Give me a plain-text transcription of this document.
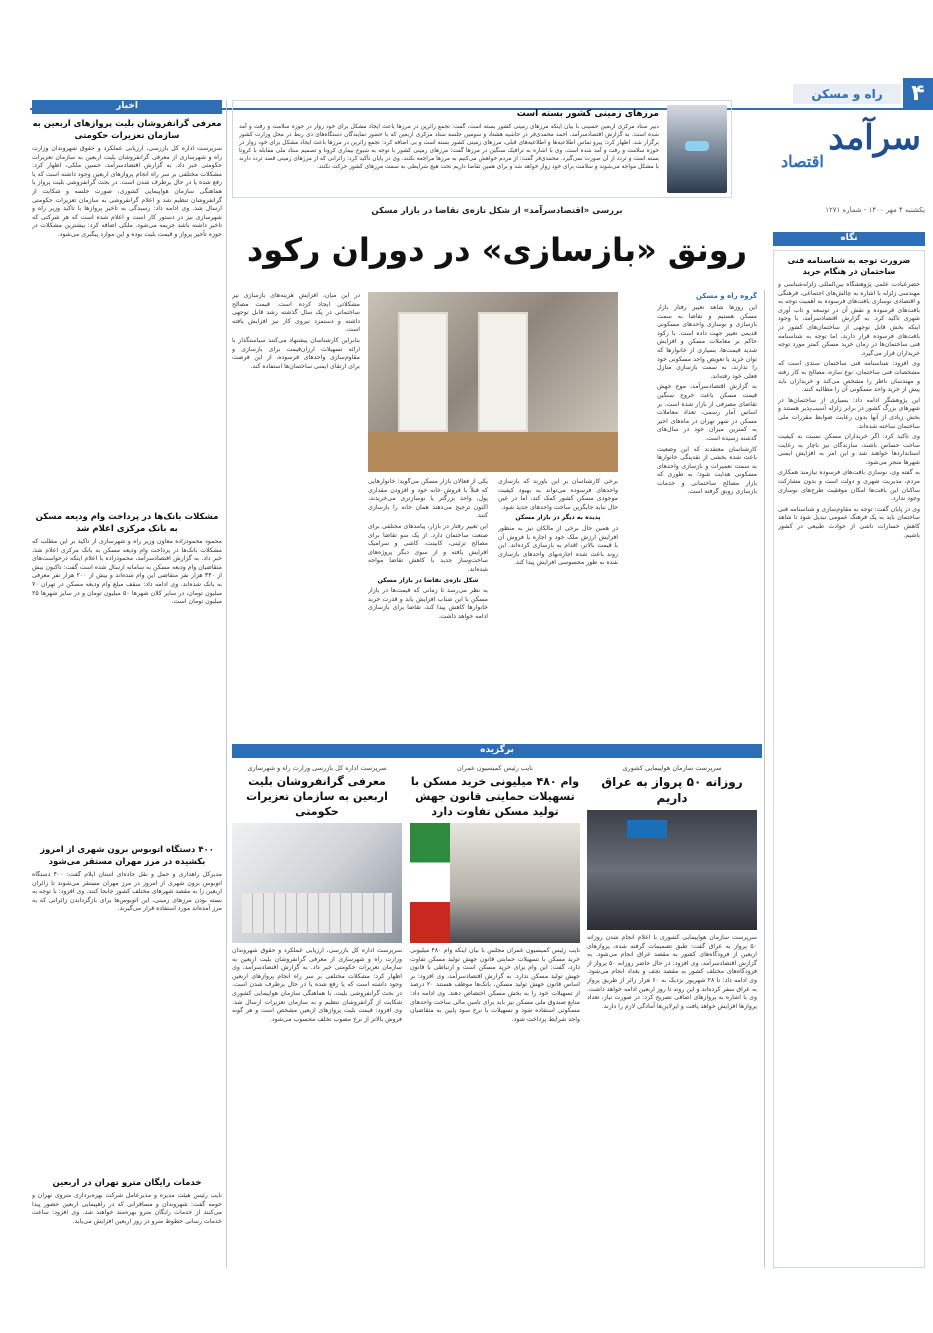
۴
راه و مسکن
سرآمد
اقتصاد
یکشنبه ۴ مهر ۱۴۰۰ - شماره ۱۲۷۱
مرزهای زمینی کشور بسته است
دبیر ستاد مرکزی اربعین حسینی با بیان اینکه مرزهای زمینی کشور بسته است، گفت: تجمع زائرین در مرزها باعث ایجاد مشکل برای خود زوار در حوزه سلامت و رفت و آمد شده است. به گزارش اقتصادسرآمد، احمد محمدی‌فر در حاشیه هشتاد و سومین جلسه ستاد مرکزی اربعین که با حضور نمایندگان دستگاه‌های ذی ربط در محل وزارت کشور برگزار شد، اظهار کرد: پیرو تماس اطلاعیه‌ها و اطلاعیه‌های قبلی، مرزهای زمینی کشور بسته است و بی اضافه کرد: تجمع زائرین در مرزها باعث ایجاد مشکل برای خود زوار در حوزه سلامت و رفت و آمد شده است. وی با اشاره به ترافیک سنگین در مرزها گفت: مرزهای زمینی کشور با توجه به شیوع بیماری کرونا و تصمیم ستاد ملی مقابله با کرونا بسته است و تردد از آن صورت نمی‌گیرد. محمدی‌فر گفت: از مردم خواهش می‌کنیم به مرزها مراجعه نکنند. وی در پایان تأکید کرد: زائرانی که از مرزهای زمینی قصد تردد دارند با مشکل مواجه می‌شوند و سلامت برای خود زوار خواهد شد و برای همین تقاضا داریم تحت هیچ شرایطی به سمت مرزهای کشور حرکت نکنند.
اخبار
معرفی گرانفروشان بلیت پروازهای اربعین به سازمان تعزیرات حکومتی
سرپرست اداره کل بازرسی، ارزیابی عملکرد و حقوق شهروندان وزارت راه و شهرسازی از معرفی گرانفروشان بلیت اربعین به سازمان تعزیرات حکومتی خبر داد. به گزارش اقتصادسرآمد، حسین ملکی، اظهار کرد: مشکلات مختلفی بر سر راه انجام پروازهای اربعین وجود داشته است که یا رفع شده یا در حال برطرف شدن است. در بحث گرانفروشی بلیت پرواز با هماهنگی سازمان هواپیمایی کشوری، صورت جلسه و شکایت از گرانفروشان تنظیم شد و اعلام گرانفروشی به سازمان تعزیرات حکومتی ارسال شد. وی ادامه داد: رسیدگی به تاخیر پروازها با تاکید وزیر راه و شهرسازی نیز در دستور کار است و اعلام شده است که هر شرکتی که تاخیر داشته باشد جریمه می‌شود. ملکی اضافه کرد: بیشترین مشکلات در حوزه تأخیر پرواز و قیمت بلیت بوده و این موارد پیگیری می‌شود.
مشکلات بانک‌ها در پرداخت وام ودیعه مسکن به بانک مرکزی اعلام شد
محمود محمودزاده معاون وزیر راه و شهرسازی از تاکید بر این مطلب که مشکلات بانک‌ها در پرداخت وام ودیعه مسکن به بانک مرکزی اعلام شد، خبر داد. به گزارش اقتصادسرآمد، محمودزاده با اعلام اینکه درخواست‌های متقاضیان وام ودیعه مسکن به سامانه ارسال شده است گفت: تاکنون بیش از ۳۴۰ هزار نفر متقاضی این وام شده‌اند و بیش از ۲۰۰ هزار نفر معرفی به بانک شده‌اند. وی ادامه داد: سقف مبلغ وام ودیعه مسکن در تهران ۷۰ میلیون تومان، در سایر کلان شهرها ۵۰ میلیون تومان و در سایر شهرها ۲۵ میلیون تومان است.
۴۰۰ دستگاه اتوبوس برون شهری از امروز بکشیده در مرز مهران مستقر می‌شود
مدیرکل راهداری و حمل و نقل جاده‌ای استان ایلام گفت: ۴۰۰ دستگاه اتوبوس برون شهری از امروز در مرز مهران مستقر می‌شوند تا زائران اربعین را به مقصد شهرهای مختلف کشور جابجا کنند. وی افزود: با توجه به بسته بودن مرزهای زمینی، این اتوبوس‌ها برای بازگرداندن زائرانی که به مرز آمده‌اند مورد استفاده قرار می‌گیرند.
خدمات رایگان مترو تهران در اربعین
نایب رئیس هیئت مدیره و مدیرعامل شرکت بهره‌برداری متروی تهران و حومه گفت: شهروندان و مسافرانی که در راهپیمایی اربعین حضور پیدا می‌کنند از خدمات رایگان مترو بهره‌مند خواهند شد. وی افزود: ساعت خدمات رسانی خطوط مترو در روز اربعین افزایش می‌یابد.
نگاه
ضرورت توجه به شناسنامه فنی ساختمان در هنگام خرید

حضرعبادت علمی پژوهشگاه بین‌المللی زلزله‌شناسی و مهندسی زلزله با اشاره به چالش‌های اجتماعی، فرهنگی و اقتصادی نوسازی بافت‌های فرسوده به اهمیت توجه به بافت‌های فرسوده و نقش آن در توسعه و تاب آوری شهری تاکید کرد. به گزارش اقتصادسرآمد، با وجود اینکه بخش قابل توجهی از ساختمان‌های کشور در بافت‌های فرسوده قرار دارند، اما توجه به شناسنامه فنی ساختمان‌ها در زمان خرید مسکن کمتر مورد توجه خریداران قرار می‌گیرد.

وی افزود: شناسنامه فنی ساختمان سندی است که مشخصات فنی ساختمان، نوع سازه، مصالح به کار رفته و مهندسان ناظر را مشخص می‌کند و خریداران باید پیش از خرید واحد مسکونی آن را مطالبه کنند.

این پژوهشگر ادامه داد: بسیاری از ساختمان‌ها در شهرهای بزرگ کشور در برابر زلزله آسیب‌پذیر هستند و بخش زیادی از آنها بدون رعایت ضوابط مقررات ملی ساختمان ساخته شده‌اند.

وی تاکید کرد: اگر خریداران مسکن نسبت به کیفیت ساخت حساس باشند، سازندگان نیز ناچار به رعایت استانداردها خواهند شد و این امر به افزایش ایمنی شهرها منجر می‌شود.

به گفته وی، نوسازی بافت‌های فرسوده نیازمند همکاری مردم، مدیریت شهری و دولت است و بدون مشارکت ساکنان این بافت‌ها امکان موفقیت طرح‌های نوسازی وجود ندارد.

وی در پایان گفت: توجه به مقاوم‌سازی و شناسنامه فنی ساختمان باید به یک فرهنگ عمومی تبدیل شود تا شاهد کاهش خسارات ناشی از حوادث طبیعی در کشور باشیم.

بررسی «اقتصادسرآمد» از شکل تازه‌ی تقاضا در بازار مسکن
رونق «بازسازی» در دوران رکود
گروه راه و مسکن

این روزها شاهد تغییر رفتار بازار مسکن هستیم و تقاضا به سمت بازسازی و نوسازی واحدهای مسکونی قدیمی تغییر جهت داده است. با رکود حاکم بر معاملات مسکن و افزایش شدید قیمت‌ها، بسیاری از خانوارها که توان خرید یا تعویض واحد مسکونی خود را ندارند، به سمت بازسازی منازل فعلی خود رفته‌اند.

به گزارش اقتصادسرآمد، موج جهش قیمت مسکن باعث خروج سنگین تقاضای مصرفی از بازار شده است. بر اساس آمار رسمی، تعداد معاملات مسکن در شهر تهران در ماه‌های اخیر به کمترین میزان خود در سال‌های گذشته رسیده است.

کارشناسان معتقدند که این وضعیت باعث شده بخشی از نقدینگی خانوارها به سمت تعمیرات و بازسازی واحدهای مسکونی هدایت شود؛ به طوری که بازار مصالح ساختمانی و خدمات بازسازی رونق گرفته است.

یکی از فعالان بازار مسکن می‌گوید: خانوارهایی که قبلاً با فروش خانه خود و افزودن مقداری پول، واحد بزرگتر یا نوسازتری می‌خریدند، اکنون ترجیح می‌دهند همان خانه را بازسازی کنند.

این تغییر رفتار در بازار، پیامدهای مختلفی برای صنعت ساختمان دارد. از یک سو تقاضا برای مصالح تزئینی، کابینت، کاشی و سرامیک افزایش یافته و از سوی دیگر پروژه‌های ساخت‌وساز جدید با کاهش تقاضا مواجه شده‌اند.

شکل تازه‌ی تقاضا در بازار مسکن

به نظر می‌رسد تا زمانی که قیمت‌ها در بازار مسکن با این شتاب افزایش یابد و قدرت خرید خانوارها کاهش پیدا کند، تقاضا برای بازسازی ادامه خواهد داشت.

برخی کارشناسان بر این باورند که بازسازی واحدهای فرسوده می‌تواند به بهبود کیفیت موجودی مسکن کشور کمک کند، اما در عین حال نباید جایگزین ساخت واحدهای جدید شود.

پدیده به دیگر در بازار مسکن

در همین حال برخی از مالکان نیز به منظور افزایش ارزش ملک خود و اجاره یا فروش آن با قیمت بالاتر، اقدام به بازسازی کرده‌اند. این روند باعث شده اجاره‌بهای واحدهای بازسازی شده به طور محسوسی افزایش پیدا کند.

در این میان، افزایش هزینه‌های بازسازی نیز مشکلاتی ایجاد کرده است. قیمت مصالح ساختمانی در یک سال گذشته رشد قابل توجهی داشته و دستمزد نیروی کار نیز افزایش یافته است.

بنابراین کارشناسان پیشنهاد می‌کنند سیاستگذار با ارائه تسهیلات ارزان‌قیمت برای بازسازی و مقاوم‌سازی واحدهای فرسوده، از این فرصت برای ارتقای ایمنی ساختمان‌ها استفاده کند.

برگزیده
سرپرست سازمان هواپیمایی کشوری
روزانه ۵۰ پرواز به عراق داریم
سرپرست سازمان هواپیمایی کشوری با اعلام انجام شدن روزانه ۵۰ پرواز به عراق گفت: طبق تصمیمات گرفته شده، پروازهای اربعین از فرودگاه‌های کشور به مقصد عراق انجام می‌شود. به گزارش اقتصادسرآمد، وی افزود: در حال حاضر روزانه ۵۰ پرواز از فرودگاه‌های مختلف کشور به مقصد نجف و بغداد انجام می‌شود. وی ادامه داد: تا ۲۸ شهریور نزدیک به ۶۰ هزار زائر از طریق پرواز به عراق سفر کرده‌اند و این روند تا روز اربعین ادامه خواهد داشت. وی با اشاره به پروازهای اضافی تصریح کرد: در صورت نیاز، تعداد پروازها افزایش خواهد یافت و ایرلاین‌ها آمادگی لازم را دارند.
نایب رئیس کمیسیون عمران
وام ۴۸۰ میلیونی خرید مسکن با تسهیلات حمایتی قانون جهش تولید مسکن تفاوت دارد
نایب رئیس کمیسیون عمران مجلس با بیان اینکه وام ۴۸۰ میلیونی خرید مسکن با تسهیلات حمایتی قانون جهش تولید مسکن تفاوت دارد، گفت: این وام برای خرید مسکن است و ارتباطی با قانون جهش تولید مسکن ندارد. به گزارش اقتصادسرآمد، وی افزود: بر اساس قانون جهش تولید مسکن، بانک‌ها موظف هستند ۲۰ درصد از تسهیلات خود را به بخش مسکن اختصاص دهند. وی ادامه داد: منابع صندوق ملی مسکن نیز باید برای تامین مالی ساخت واحدهای مسکونی استفاده شود و تسهیلات با نرخ سود پایین به متقاضیان واجد شرایط پرداخت شود.
سرپرست اداره کل بازرسی وزارت راه و شهرسازی
معرفی گرانفروشان بلیت اربعین به سازمان تعزیرات حکومتی
سرپرست اداره کل بازرسی، ارزیابی عملکرد و حقوق شهروندان وزارت راه و شهرسازی از معرفی گرانفروشان بلیت اربعین به سازمان تعزیرات حکومتی خبر داد. به گزارش اقتصادسرآمد، وی اظهار کرد: مشکلات مختلفی بر سر راه انجام پروازهای اربعین وجود داشته است که یا رفع شده یا در حال برطرف شدن است. در بحث گرانفروشی بلیت، با هماهنگی سازمان هواپیمایی کشوری شکایت از گرانفروشان تنظیم و به سازمان تعزیرات ارسال شد. وی افزود: قیمت بلیت پروازهای اربعین مشخص است و هر گونه فروش بالاتر از نرخ مصوب تخلف محسوب می‌شود.
